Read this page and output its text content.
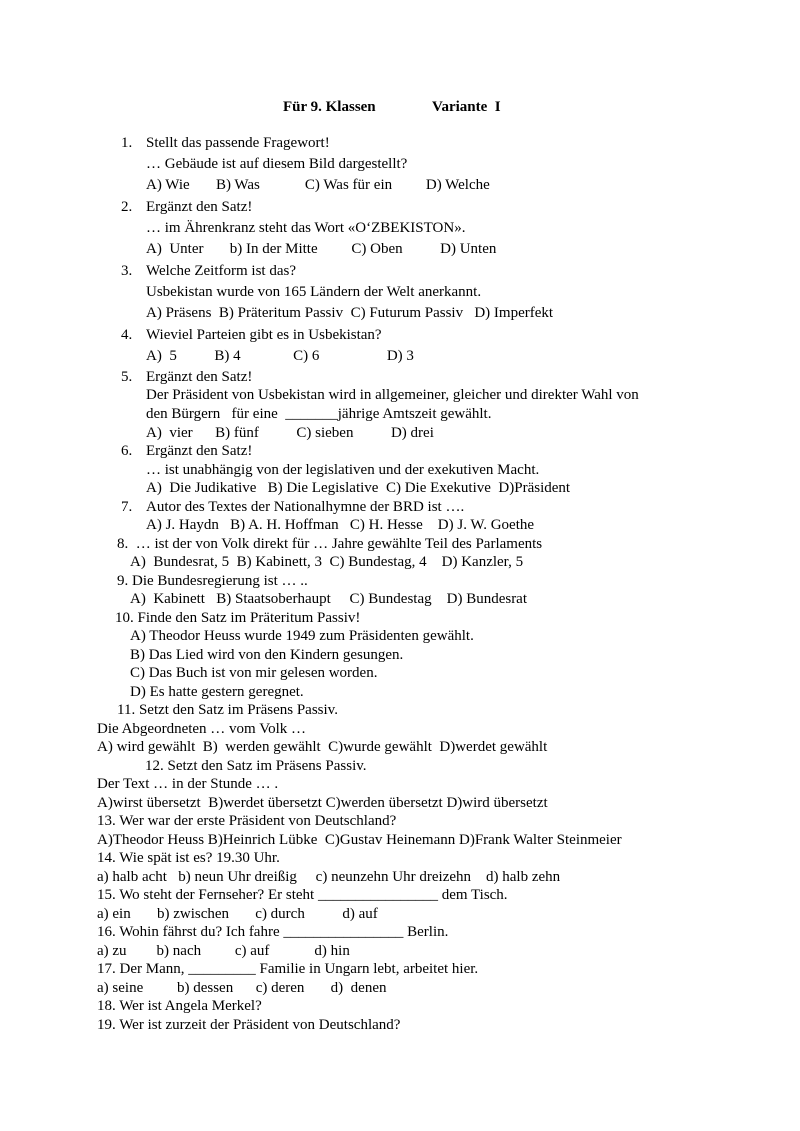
Für 9. Klassen	Variante  I
1. Stellt das passende Fragewort!
… Gebäude ist auf diesem Bild dargestellt?
A) Wie       B) Was            C) Was für ein         D) Welche
2. Ergänzt den Satz!
… im Ährenkranz steht das Wort «O‘ZBEKISTON».
A)  Unter       b) In der Mitte         C) Oben          D) Unten
3. Welche Zeitform ist das?
Usbekistan wurde von 165 Ländern der Welt anerkannt.
A) Präsens  B) Präteritum Passiv  C) Futurum Passiv   D) Imperfekt
4. Wieviel Parteien gibt es in Usbekistan?
A)  5          B) 4              C) 6                  D) 3
5. Ergänzt den Satz!
Der Präsident von Usbekistan wird in allgemeiner, gleicher und direkter Wahl von
den Bürgern   für eine  _______jährige Amtszeit gewählt.
A)  vier      B) fünf          C) sieben          D) drei
6. Ergänzt den Satz!
… ist unabhängig von der legislativen und der exekutiven Macht.
A)  Die Judikative   B) Die Legislative  C) Die Exekutive  D)Präsident
7. Autor des Textes der Nationalhymne der BRD ist ….
A) J. Haydn   B) A. H. Hoffman   C) H. Hesse    D) J. W. Goethe
8.  … ist der von Volk direkt für … Jahre gewählte Teil des Parlaments
A)  Bundesrat, 5  B) Kabinett, 3  C) Bundestag, 4    D) Kanzler, 5
9. Die Bundesregierung ist … ..
A)  Kabinett   B) Staatsoberhaupt     C) Bundestag    D) Bundesrat
10. Finde den Satz im Präteritum Passiv!
A) Theodor Heuss wurde 1949 zum Präsidenten gewählt.
B) Das Lied wird von den Kindern gesungen.
C) Das Buch ist von mir gelesen worden.
D) Es hatte gestern geregnet.
11. Setzt den Satz im Präsens Passiv.
Die Abgeordneten … vom Volk …
A) wird gewählt  B)  werden gewählt  C)wurde gewählt  D)werdet gewählt
12. Setzt den Satz im Präsens Passiv.
Der Text … in der Stunde … .
A)wirst übersetzt  B)werdet übersetzt C)werden übersetzt D)wird übersetzt
13. Wer war der erste Präsident von Deutschland?
A)Theodor Heuss B)Heinrich Lübke  C)Gustav Heinemann D)Frank Walter Steinmeier
14. Wie spät ist es? 19.30 Uhr.
a) halb acht   b) neun Uhr dreißig     c) neunzehn Uhr dreizehn    d) halb zehn
15. Wo steht der Fernseher? Er steht ________________ dem Tisch.
a) ein       b) zwischen       c) durch          d) auf
16. Wohin fährst du? Ich fahre ________________ Berlin.
a) zu        b) nach         c) auf            d) hin
17. Der Mann, _________ Familie in Ungarn lebt, arbeitet hier.
a) seine         b) dessen      c) deren       d)  denen
18. Wer ist Angela Merkel?
19. Wer ist zurzeit der Präsident von Deutschland?
